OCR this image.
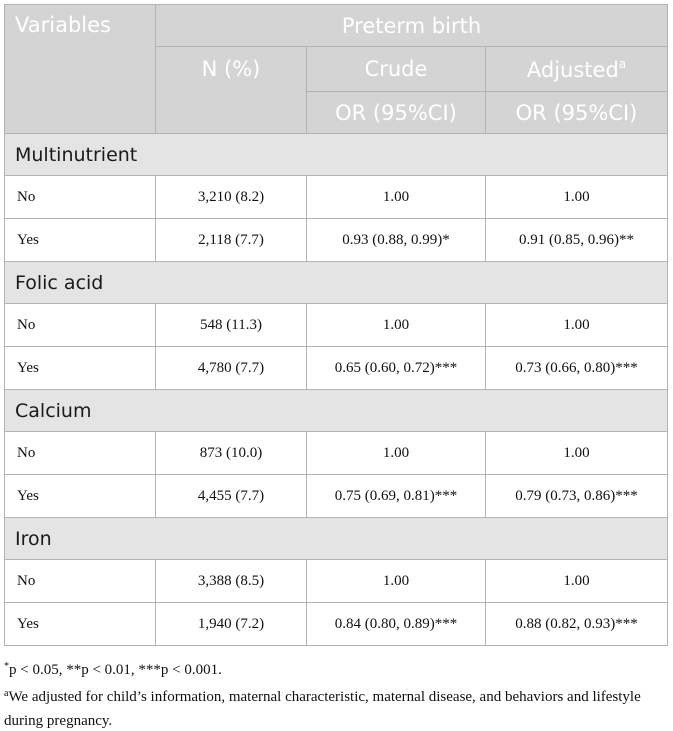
Variables	Preterm birth		
	N (%)	Crude	Adjusted$^a$
		OR (95%CI)	OR (95%CI)
Multinutrient			
No	3,210 (8.2)	1.00	1.00
Yes	2,118 (7.7)	0.93 (0.88, 0.99)*	0.91 (0.85, 0.96)**
Folic acid			
No	548 (11.3)	1.00	1.00
Yes	4,780 (7.7)	0.65 (0.60, 0.72)***	0.73 (0.66, 0.80)***
Calcium			
No	873 (10.0)	1.00	1.00
Yes	4,455 (7.7)	0.75 (0.69, 0.81)***	0.79 (0.73, 0.86)***
Iron			
No	3,388 (8.5)	1.00	1.00
Yes	1,940 (7.2)	0.84 (0.80, 0.89)***	0.88 (0.82, 0.93)***
*p < 0.05, **p < 0.01, ***p < 0.001.
$^a$We adjusted for child’s information, maternal characteristic, maternal disease, and behaviors and lifestyle during pregnancy.
